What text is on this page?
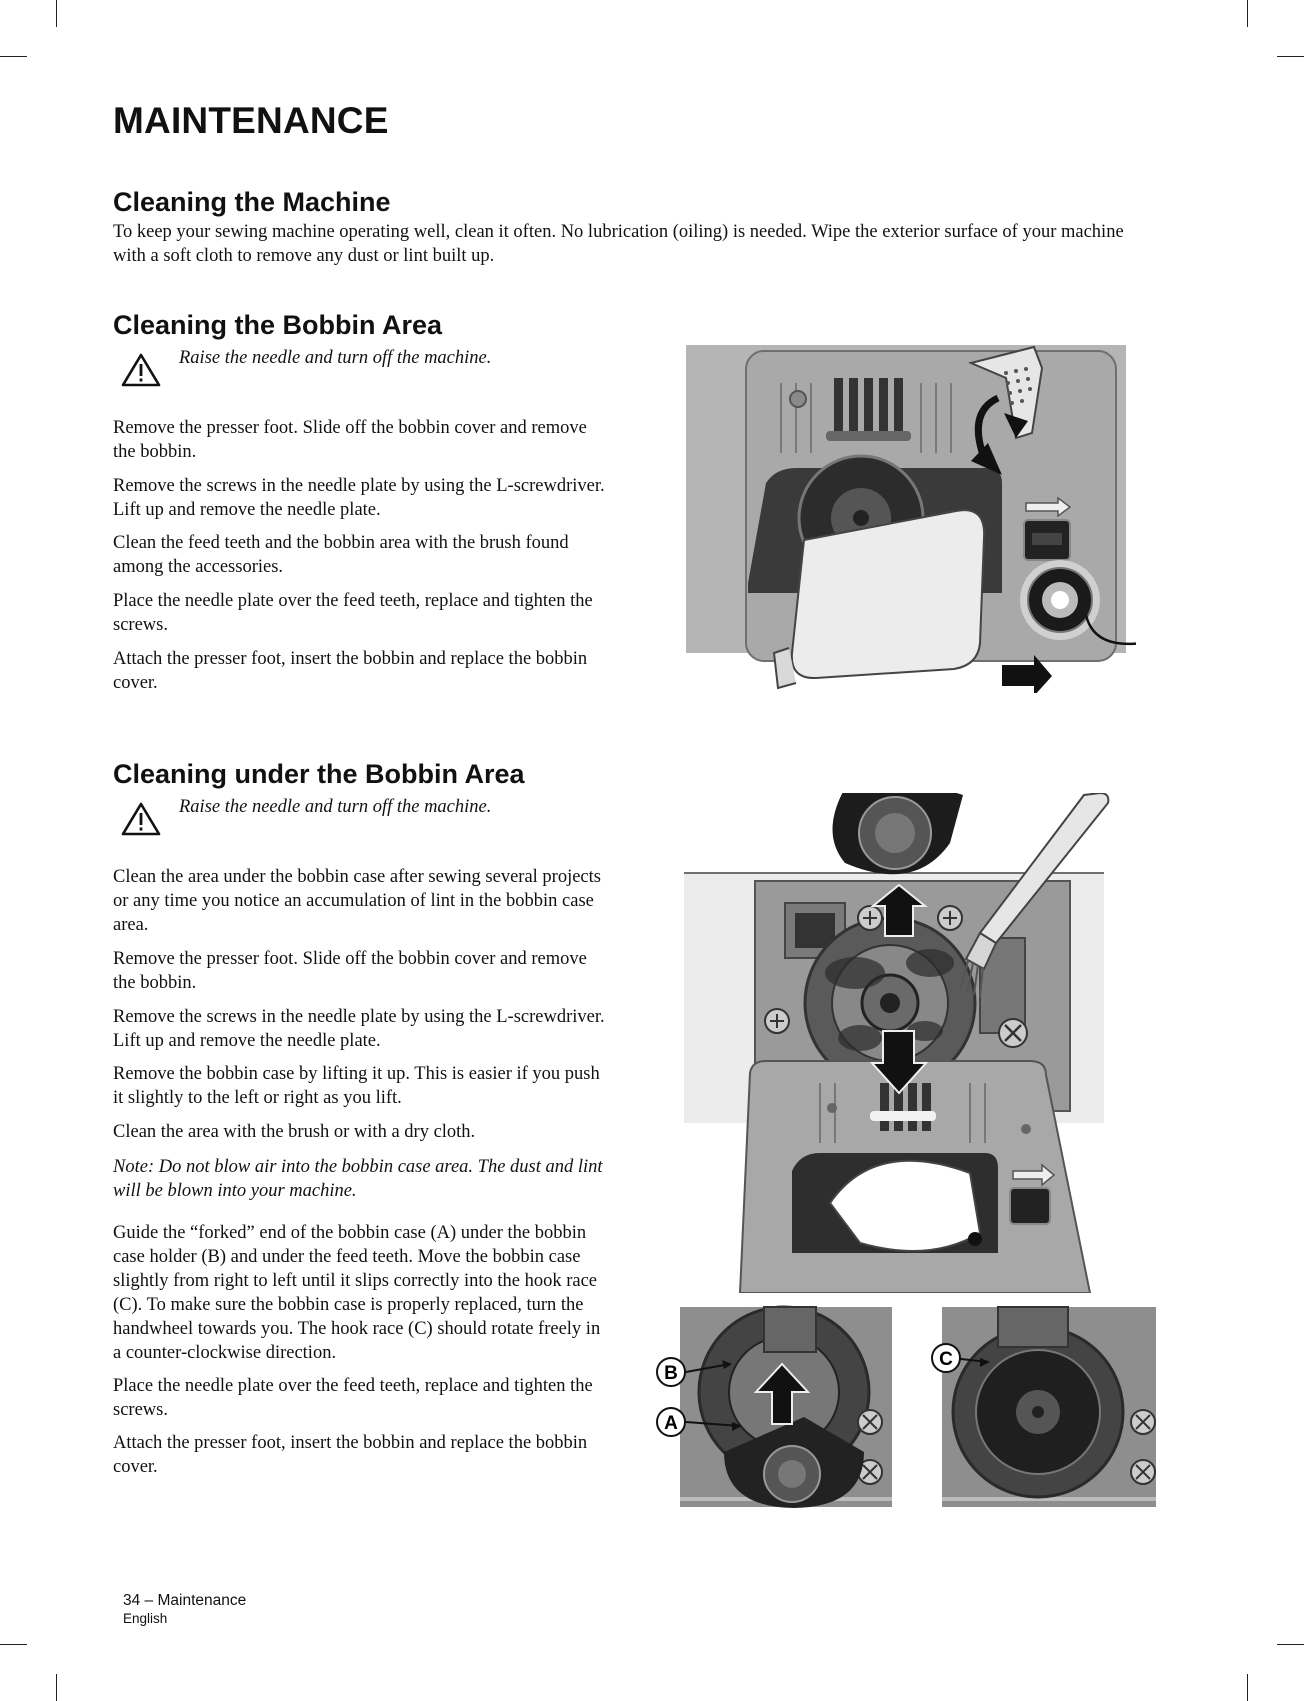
MAINTENANCE
Cleaning the Machine

To keep your sewing machine operating well, clean it often. No lubrication (oiling) is needed. Wipe the exterior surface of your machine with a soft cloth to remove any dust or lint built up.

Cleaning the Bobbin Area

Raise the needle and turn off the machine.

Remove the presser foot. Slide off the bobbin cover and remove the bobbin.

Remove the screws in the needle plate by using the L-screwdriver. Lift up and remove the needle plate.

Clean the feed teeth and the bobbin area with the brush found among the accessories.

Place the needle plate over the feed teeth, replace and tighten the screws.

Attach the presser foot, insert the bobbin and replace the bobbin cover.

Cleaning under the Bobbin Area

Raise the needle and turn off the machine.

Clean the area under the bobbin case after sewing several projects or any time you notice an accumulation of lint in the bobbin case area.

Remove the presser foot. Slide off the bobbin cover and remove the bobbin.

Remove the screws in the needle plate by using the L-screwdriver. Lift up and remove the needle plate.

Remove the bobbin case by lifting it up. This is easier if you push it slightly to the left or right as you lift.

Clean the area with the brush or with a dry cloth.

Note: Do not blow air into the bobbin case area. The dust and lint will be blown into your machine.

Guide the “forked” end of the bobbin case (A) under the bobbin case holder (B) and under the feed teeth. Move the bobbin case slightly from right to left until it slips correctly into the hook race (C). To make sure the bobbin case is properly replaced, turn the handwheel towards you. The hook race (C) should rotate freely in a counter-clockwise direction.

Place the needle plate over the feed teeth, replace and tighten the screws.

Attach the presser foot, insert the bobbin and replace the bobbin cover.

B
A
C
34 – Maintenance
English
